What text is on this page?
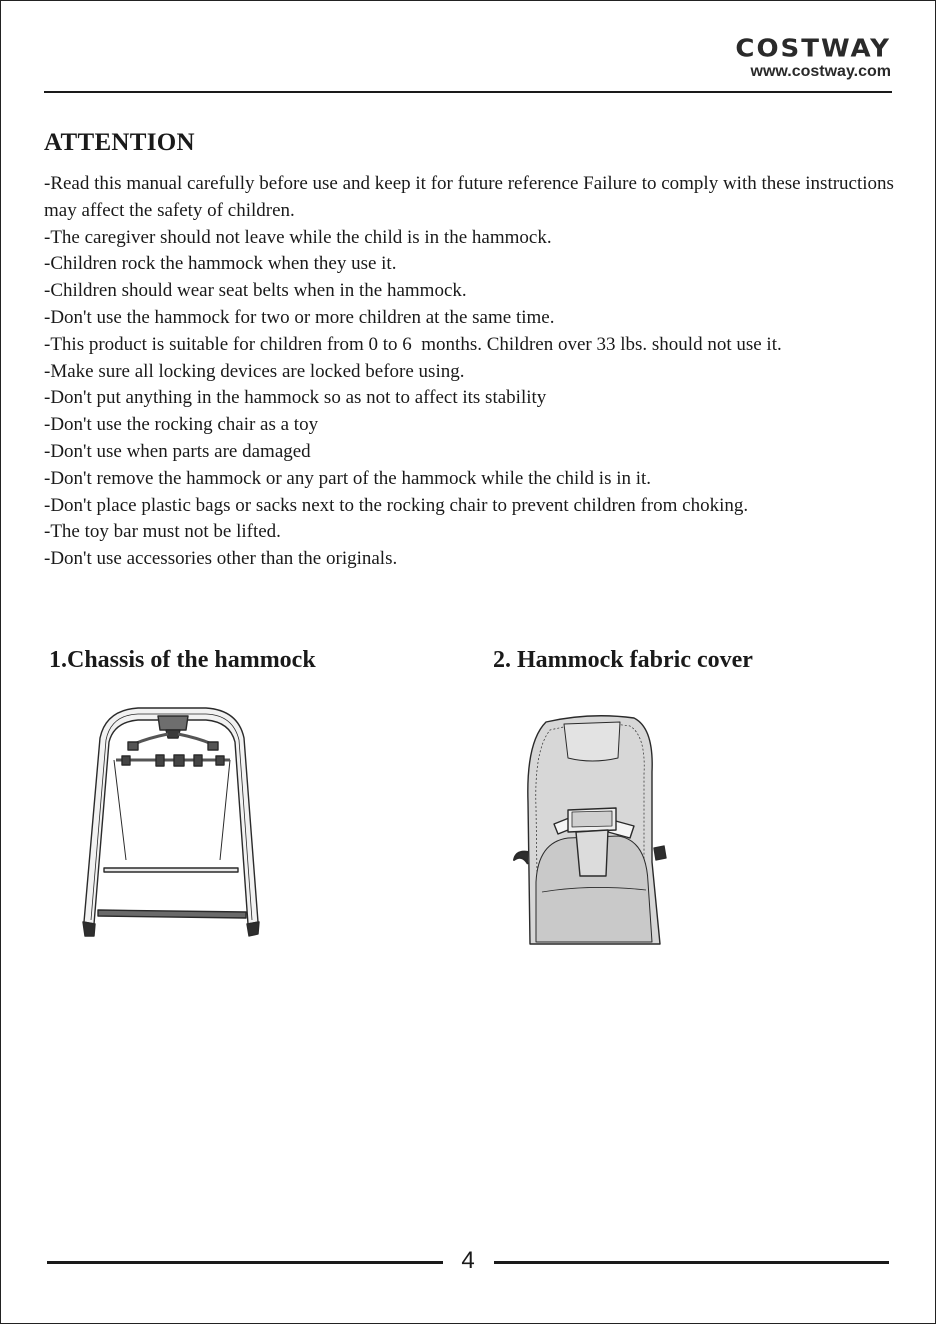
COSTWAY
www.costway.com
ATTENTION
-Read this manual carefully before use and keep it for future reference Failure to comply with these instructions may affect the safety of children.
-The caregiver should not leave while the child is in the hammock.
-Children rock the hammock when they use it.
-Children should wear seat belts when in the hammock.
-Don't use the hammock for two or more children at the same time.
-This product is suitable for children from 0 to 6  months. Children over 33 lbs. should not use it.
-Make sure all locking devices are locked before using.
-Don't put anything in the hammock so as not to affect its stability
-Don't use the rocking chair as a toy
-Don't use when parts are damaged
-Don't remove the hammock or any part of the hammock while the child is in it.
-Don't place plastic bags or sacks next to the rocking chair to prevent children from choking.
-The toy bar must not be lifted.
-Don't use accessories other than the originals.
1.Chassis of the hammock	2. Hammock fabric cover
4
